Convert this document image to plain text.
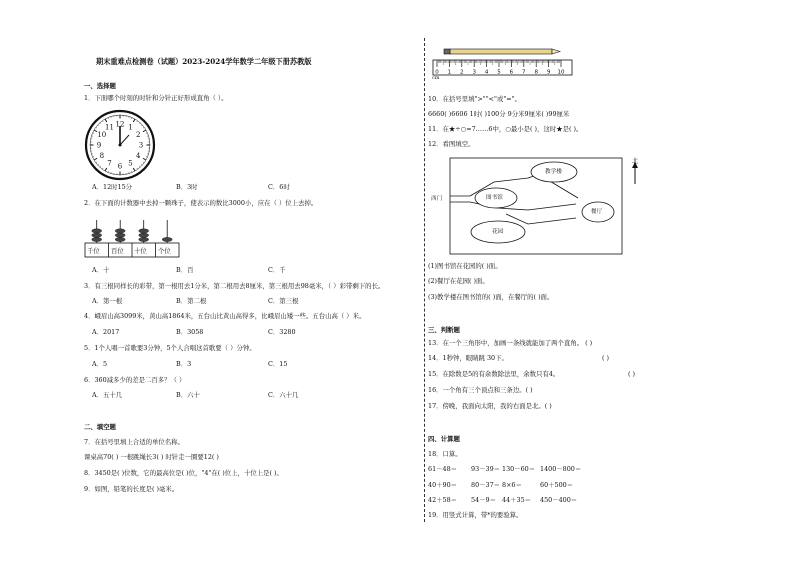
期末重难点检测卷（试题）2023-2024学年数学二年级下册苏教版
一、选择题
1．下面哪个时刻的时针和分针正好形成直角（ ）。
12 1
2
3
4
5
6
7
8
9
10
11
A．12时15分	B．3时	C．6时
2．在下面的计数器中去掉一颗珠子，使表示的数比3000小，应在（ ）位上去掉。
千位 百位 十位 个位
A．十	B．百	C．千
3．有三根同样长的彩带，第一根用去1分米，第二根用去8厘米，第三根用去98毫米，（ ）彩带剩下的长。
A．第一根	B．第二根	C．第三根
4．峨眉山高3099米，黄山高1864米，五台山比黄山高得多，比峨眉山矮一些。五台山高（ ）米。
A．2017	B．3058	C．3280
5．1个人唱一首歌要3分钟，5个人合唱这首歌要（ ）分钟。
A．5	B．3	C．15
6．360减多少的差是二百多？（ ）
A．五十几	B．六十	C．六十几
二、填空题
7．在括号里填上合适的单位名称。
课桌高70( ) 一根跳绳长3( ) 时针走一圈要12( )
8．3450是( )位数，它的最高位是( )位，"4"在( )位上，十位上是( )。
9．如图，铅笔的长度是( )毫米。
0 1 2 3 4 5 6 7 8 9 10
cm
10．在括号里填">""<"或"="。
6660( )6606 1时( )100分 9分米9厘米( )99厘米
11．在★÷○=7……6中，○最小是( )，这时★是( )。
12．看图填空。
西门	图书馆
教学楼
餐厅
花园
北
(1)图书馆在花园的( )面。
(2)餐厅在花园( )面。
(3)教学楼在图书馆的( )面，在餐厅的( )面。
三、判断题
13．在一个三角形中，加画一条线就能加了两个直角。 ( )
14．1秒钟，眼睛跳 30下。	( )
15．在除数是5的有余数除法里，余数只有4。	( )
16．一个角有三个顶点和三条边。( )
17．傍晚，我面向太阳，我的右面是北。( )
四、计算题
18．口算。
61－48＝ 93－39＝ 130－60＝ 1400－800＝
40＋90＝ 80－37＝ 8×6＝	60＋500＝
42＋58＝ 54－9＝ 44＋35＝ 450－400＝
19．用竖式计算，带*的要验算。
